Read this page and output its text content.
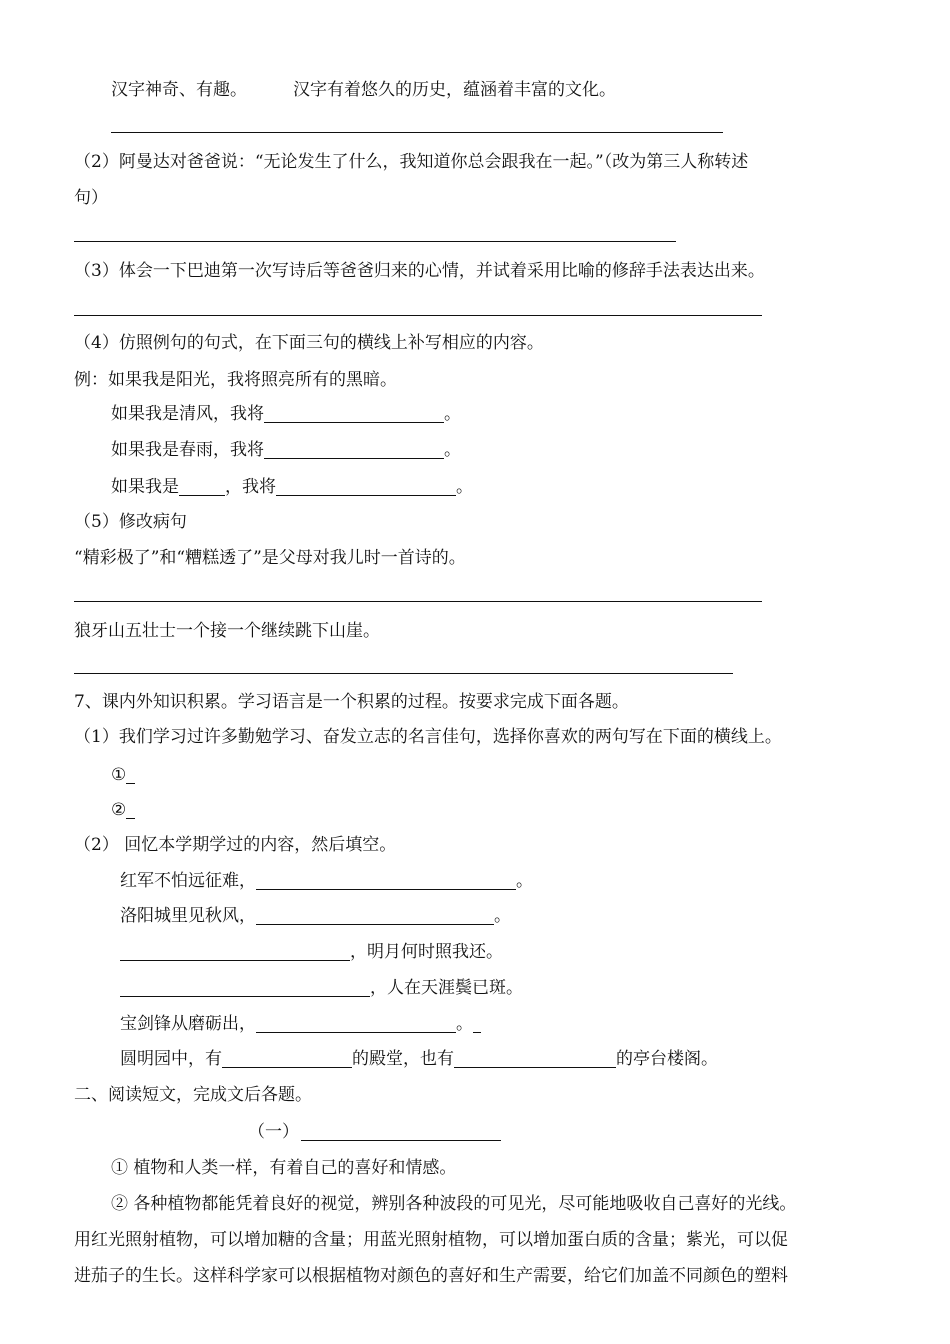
汉字神奇、有趣。	汉字有着悠久的历史，蕴涵着丰富的文化。
（2）阿曼达对爸爸说：“无论发生了什么，我知道你总会跟我在一起。”（改为第三人称转述
句）
（3）体会一下巴迪第一次写诗后等爸爸归来的心情，并试着采用比喻的修辞手法表达出来。
（4）仿照例句的句式，在下面三句的横线上补写相应的内容。
例：如果我是阳光，我将照亮所有的黑暗。
如果我是清风，我将	。
如果我是春雨，我将	。
如果我是	，我将	。
（5）修改病句
“精彩极了”和“糟糕透了”是父母对我儿时一首诗的。
狼牙山五壮士一个接一个继续跳下山崖。
7、课内外知识积累。学习语言是一个积累的过程。按要求完成下面各题。
（1）我们学习过许多勤勉学习、奋发立志的名言佳句，选择你喜欢的两句写在下面的横线上。
①
②
（2） 回忆本学期学过的内容，然后填空。
红军不怕远征难，	。
洛阳城里见秋风，	。
，明月何时照我还。
，人在天涯鬓已斑。
宝剑锋从磨砺出，	。
圆明园中，有	的殿堂，也有	的亭台楼阁。
二、阅读短文，完成文后各题。
（一）
① 植物和人类一样，有着自己的喜好和情感。
② 各种植物都能凭着良好的视觉，辨别各种波段的可见光，尽可能地吸收自己喜好的光线。
用红光照射植物，可以增加糖的含量；用蓝光照射植物，可以增加蛋白质的含量；紫光，可以促
进茄子的生长。这样科学家可以根据植物对颜色的喜好和生产需要，给它们加盖不同颜色的塑料
